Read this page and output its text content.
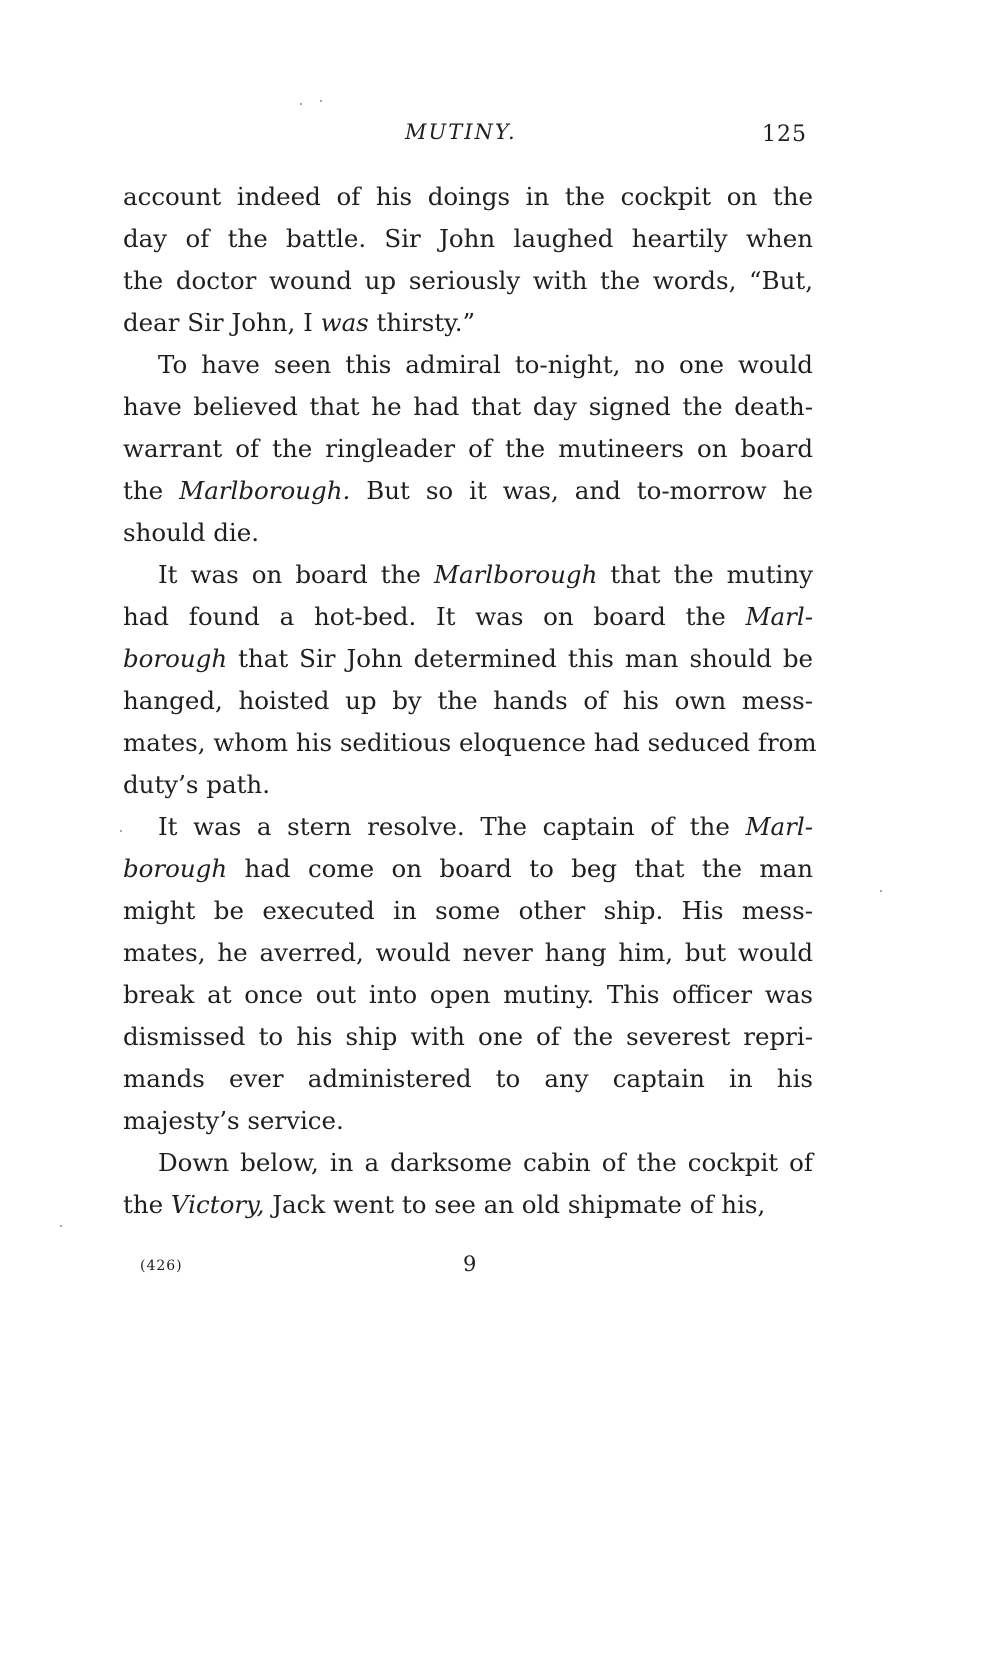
MUTINY.	125
account indeed of his doings in the cockpit on the
day of the battle. Sir John laughed heartily when
the doctor wound up seriously with the words, “But,
dear Sir John, I was thirsty.”
To have seen this admiral to-night, no one would
have believed that he had that day signed the death-
warrant of the ringleader of the mutineers on board
the Marlborough. But so it was, and to-morrow he
should die.
It was on board the Marlborough that the mutiny
had found a hot-bed. It was on board the Marl-
borough that Sir John determined this man should be
hanged, hoisted up by the hands of his own mess-
mates, whom his seditious eloquence had seduced from
duty’s path.
It was a stern resolve. The captain of the Marl-
borough had come on board to beg that the man
might be executed in some other ship. His mess-
mates, he averred, would never hang him, but would
break at once out into open mutiny. This officer was
dismissed to his ship with one of the severest repri-
mands ever administered to any captain in his
majesty’s service.
Down below, in a darksome cabin of the cockpit of
the Victory, Jack went to see an old shipmate of his,
(426)	9
